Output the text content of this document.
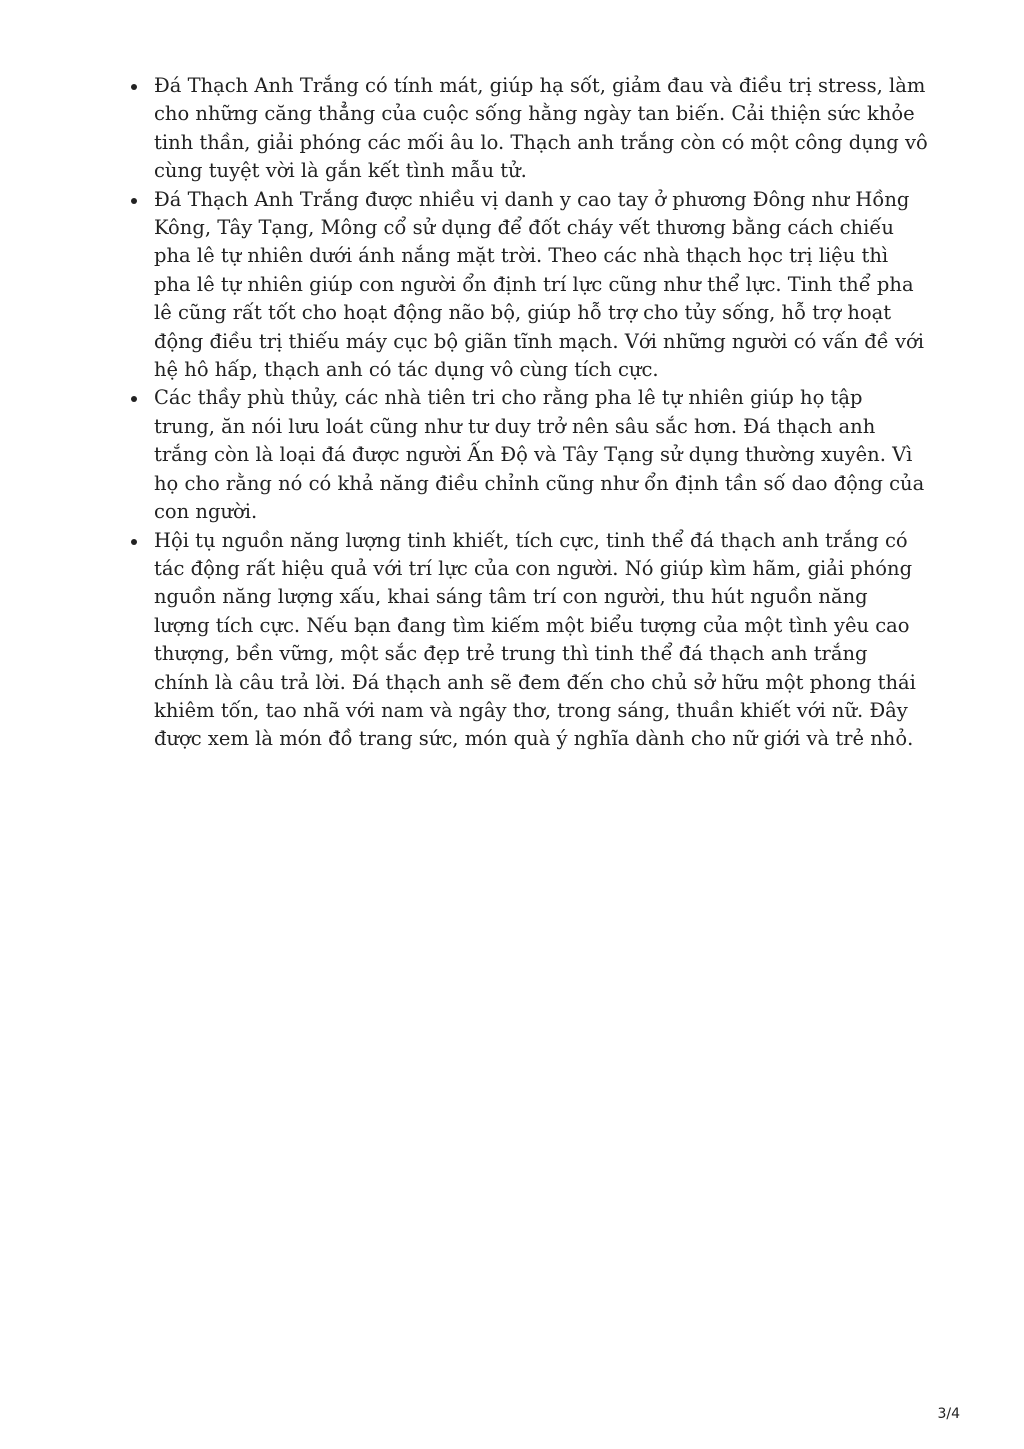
Đá Thạch Anh Trắng có tính mát, giúp hạ sốt, giảm đau và điều trị stress, làm cho những căng thẳng của cuộc sống hằng ngày tan biến. Cải thiện sức khỏe tinh thần, giải phóng các mối âu lo. Thạch anh trắng còn có một công dụng vô cùng tuyệt vời là gắn kết tình mẫu tử.
Đá Thạch Anh Trắng được nhiều vị danh y cao tay ở phương Đông như Hồng Kông, Tây Tạng, Mông cổ sử dụng để đốt cháy vết thương bằng cách chiếu pha lê tự nhiên dưới ánh nắng mặt trời. Theo các nhà thạch học trị liệu thì pha lê tự nhiên giúp con người ổn định trí lực cũng như thể lực. Tinh thể pha lê cũng rất tốt cho hoạt động não bộ, giúp hỗ trợ cho tủy sống, hỗ trợ hoạt động điều trị thiếu máy cục bộ giãn tĩnh mạch. Với những người có vấn đề với hệ hô hấp, thạch anh có tác dụng vô cùng tích cực.
Các thầy phù thủy, các nhà tiên tri cho rằng pha lê tự nhiên giúp họ tập trung, ăn nói lưu loát cũng như tư duy trở nên sâu sắc hơn. Đá thạch anh trắng còn là loại đá được người Ấn Độ và Tây Tạng sử dụng thường xuyên. Vì họ cho rằng nó có khả năng điều chỉnh cũng như ổn định tần số dao động của con người.
Hội tụ nguồn năng lượng tinh khiết, tích cực, tinh thể đá thạch anh trắng có tác động rất hiệu quả với trí lực của con người. Nó giúp kìm hãm, giải phóng nguồn năng lượng xấu, khai sáng tâm trí con người, thu hút nguồn năng lượng tích cực. Nếu bạn đang tìm kiếm một biểu tượng của một tình yêu cao thượng, bền vững, một sắc đẹp trẻ trung thì tinh thể đá thạch anh trắng chính là câu trả lời. Đá thạch anh sẽ đem đến cho chủ sở hữu một phong thái khiêm tốn, tao nhã với nam và ngây thơ, trong sáng, thuần khiết với nữ. Đây được xem là món đồ trang sức, món quà ý nghĩa dành cho nữ giới và trẻ nhỏ.
3/4
